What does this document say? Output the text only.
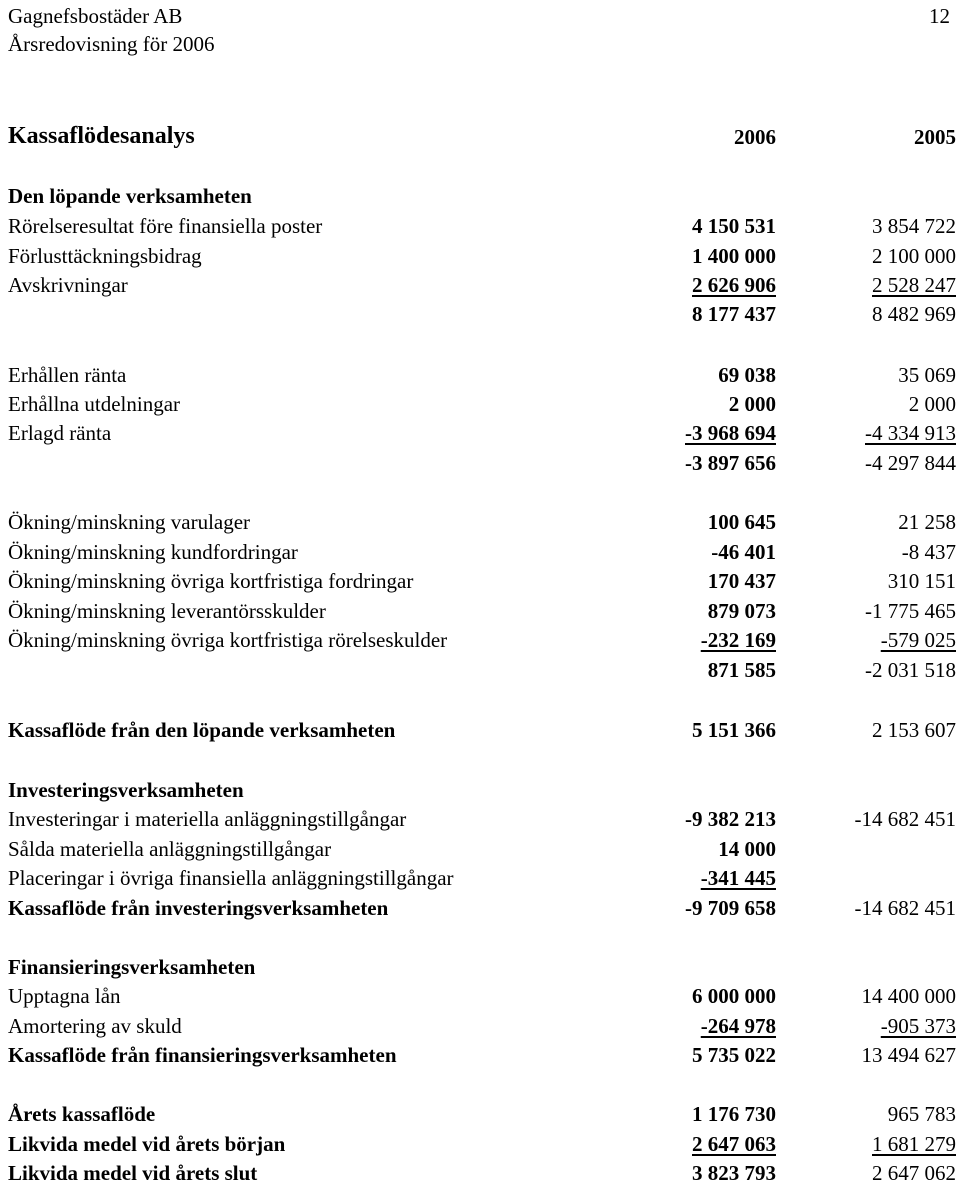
Gagnefsbostäder AB
Årsredovisning för 2006
12
Kassaflödesanalys	2006	2005
Den löpande verksamheten
Rörelseresultat före finansiella poster	4 150 531	3 854 722
Förlusttäckningsbidrag	1 400 000	2 100 000
Avskrivningar	2 626 906	2 528 247
8 177 437	8 482 969
Erhållen ränta	69 038	35 069
Erhållna utdelningar	2 000	2 000
Erlagd ränta	-3 968 694	-4 334 913
-3 897 656	-4 297 844
Ökning/minskning varulager	100 645	21 258
Ökning/minskning kundfordringar	-46 401	-8 437
Ökning/minskning övriga kortfristiga fordringar	170 437	310 151
Ökning/minskning leverantörsskulder	879 073	-1 775 465
Ökning/minskning övriga kortfristiga rörelseskulder	-232 169	-579 025
871 585	-2 031 518
Kassaflöde från den löpande verksamheten	5 151 366	2 153 607
Investeringsverksamheten
Investeringar i materiella anläggningstillgångar	-9 382 213	-14 682 451
Sålda materiella anläggningstillgångar	14 000
Placeringar i övriga finansiella anläggningstillgångar	-341 445
Kassaflöde från investeringsverksamheten	-9 709 658	-14 682 451
Finansieringsverksamheten
Upptagna lån	6 000 000	14 400 000
Amortering av skuld	-264 978	-905 373
Kassaflöde från finansieringsverksamheten	5 735 022	13 494 627
Årets kassaflöde	1 176 730	965 783
Likvida medel vid årets början	2 647 063	1 681 279
Likvida medel vid årets slut	3 823 793	2 647 062
